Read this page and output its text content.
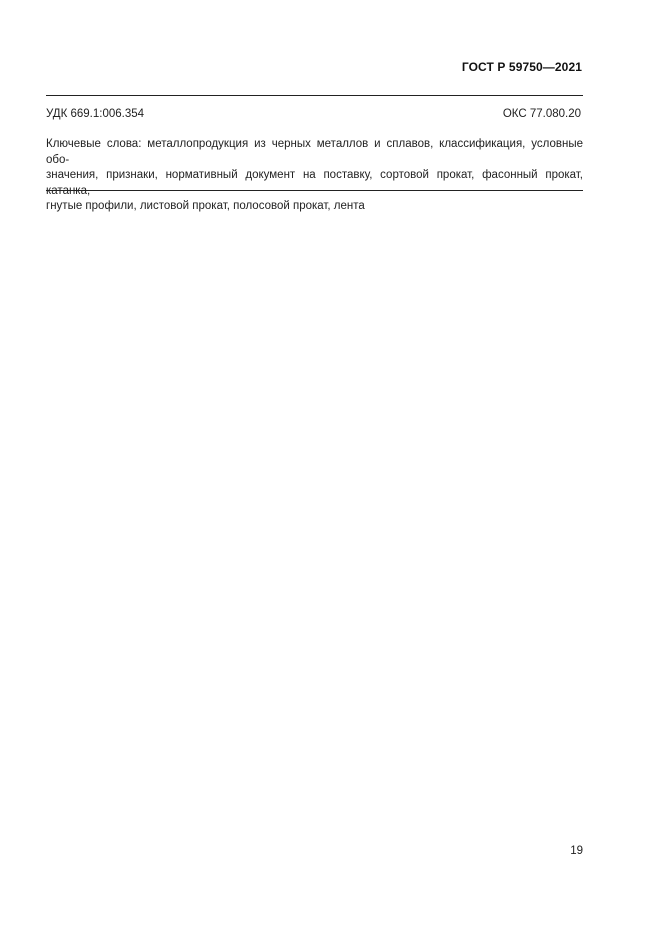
ГОСТ Р 59750—2021
УДК 669.1:006.354	ОКС 77.080.20
Ключевые слова: металлопродукция из черных металлов и сплавов, классификация, условные обо-
значения, признаки, нормативный документ на поставку, сортовой прокат, фасонный прокат, катанка,
гнутые профили, листовой прокат, полосовой прокат, лента
19
